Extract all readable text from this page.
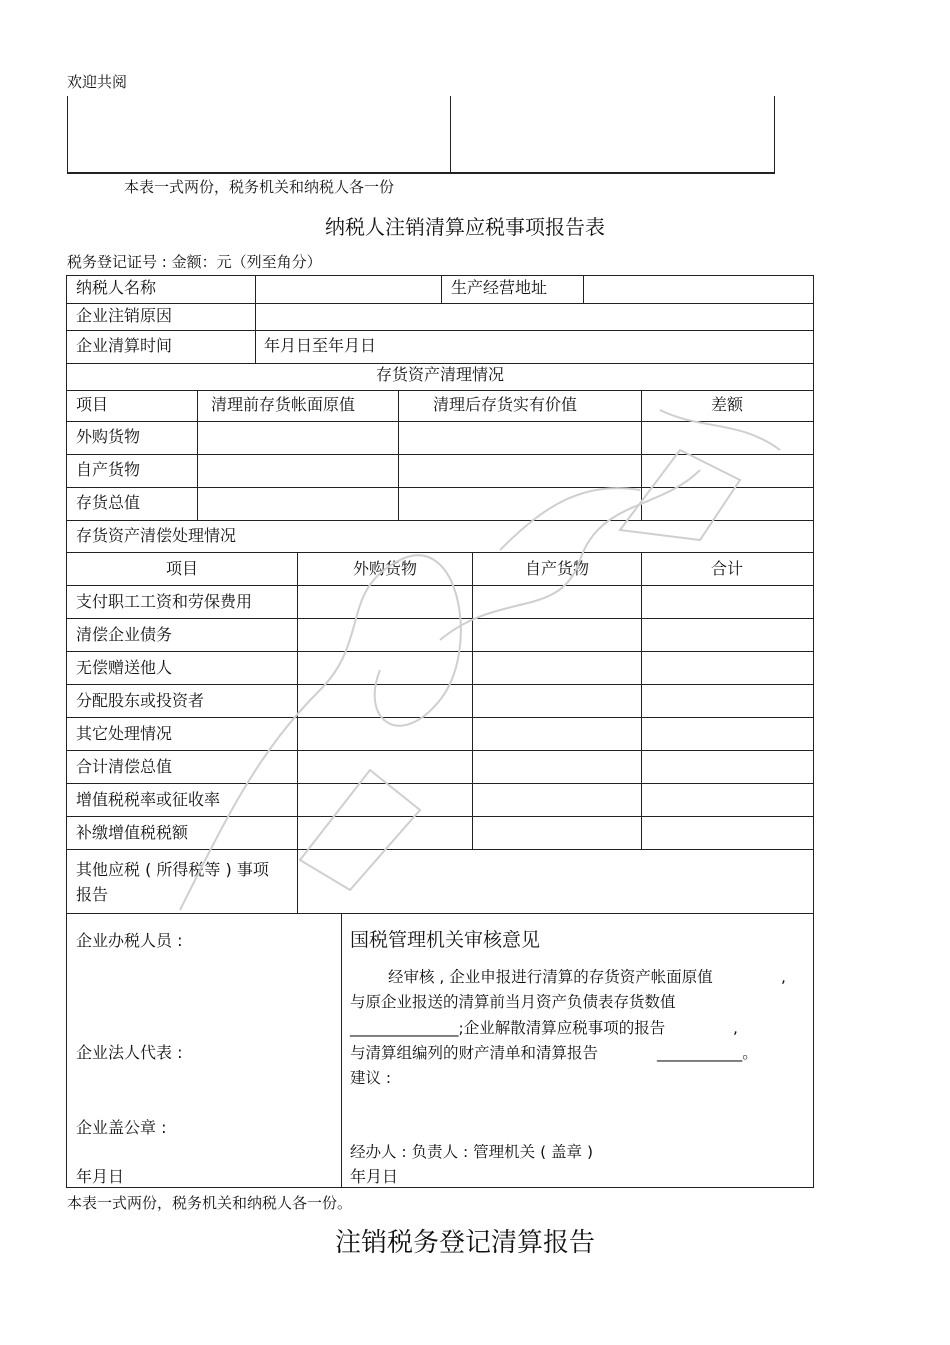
欢迎共阅
本表一式两份，税务机关和纳税人各一份
纳税人注销清算应税事项报告表
税务登记证号 : 金额：元（列至角分）
纳税人名称	生产经营地址
企业注销原因
企业清算时间	年月日至年月日
存货资产清理情况
项目	清理前存货帐面原值	清理后存货实有价值	差额
外购货物
自产货物
存货总值
存货资产清偿处理情况
项目	外购货物	自产货物	合计
支付职工工资和劳保费用
清偿企业债务
无偿赠送他人
分配股东或投资者
其它处理情况
合计清偿总值
增值税税率或征收率
补缴增值税税额
其他应税 ( 所得税等 ) 事项
报告
企业办税人员 :
企业法人代表 :
企业盖公章 :
年月日
国税管理机关审核意见
经审核 , 企业申报进行清算的存货资产帐面原值	,
与原企业报送的清算前当月资产负债表存货数值
______________;企业解散清算应税事项的报告	,
与清算组编列的财产清单和清算报告	___________。
建议 :
经办人 : 负责人 : 管理机关 ( 盖章 )
年月日
本表一式两份，税务机关和纳税人各一份。
注销税务登记清算报告
